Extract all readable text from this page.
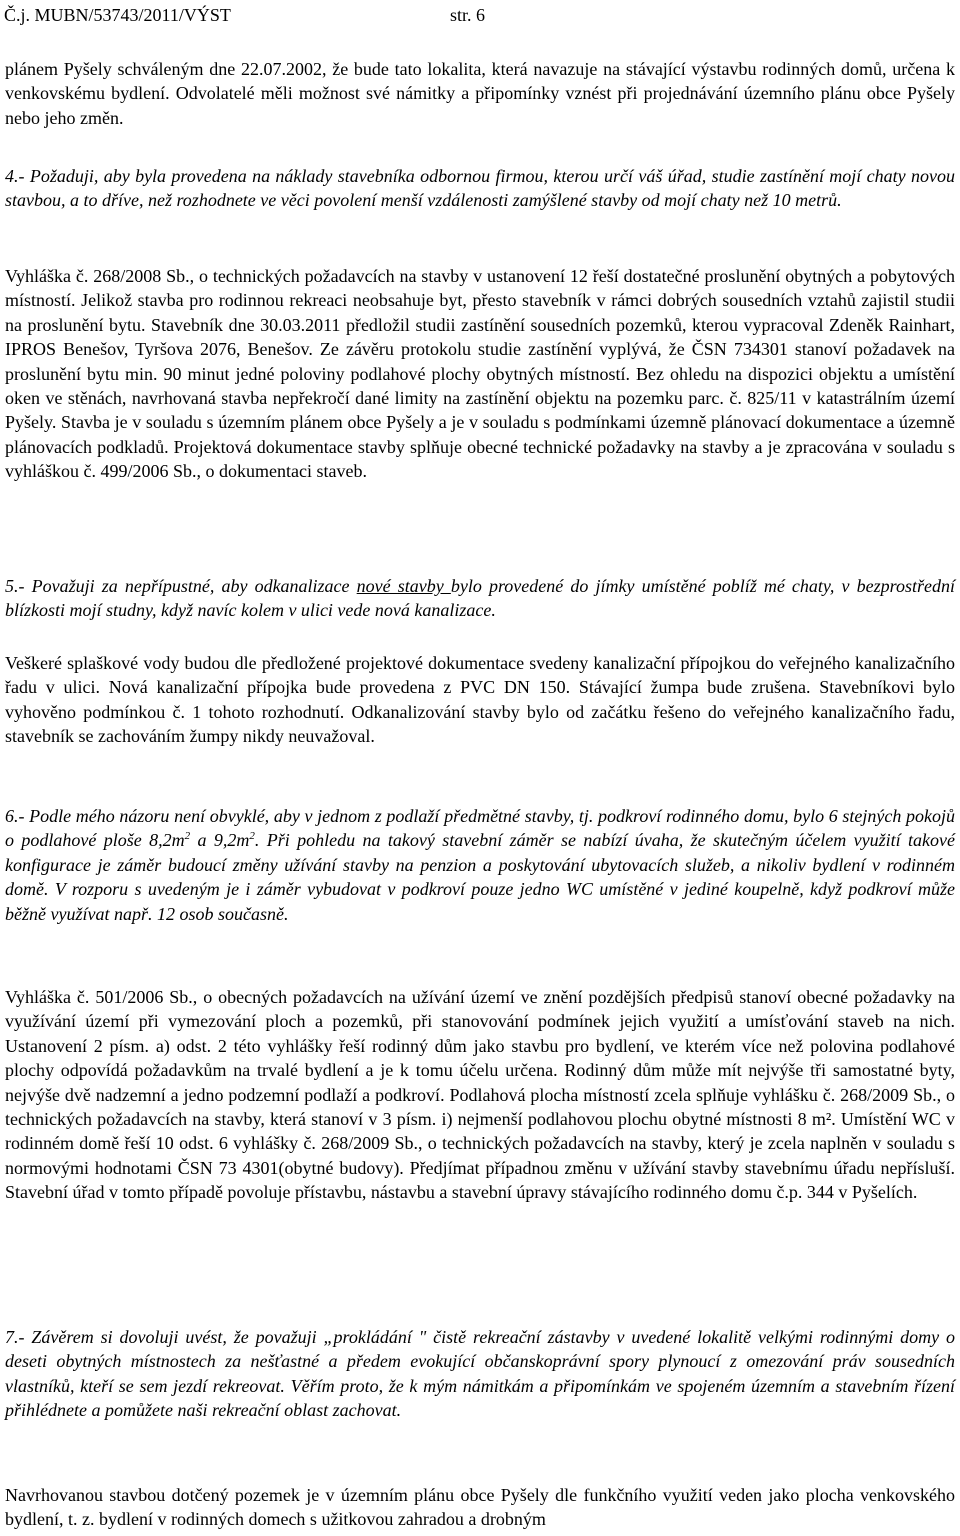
Č.j. MUBN/53743/2011/VÝST	str. 6

plánem Pyšely schváleným dne 22.07.2002, že bude tato lokalita, která navazuje na stávající výstavbu rodinných domů, určena k venkovskému bydlení. Odvolatelé měli možnost své námitky a připomínky vznést při projednávání územního plánu obce Pyšely nebo jeho změn.

4.- Požaduji, aby byla provedena na náklady stavebníka odbornou firmou, kterou určí váš úřad, studie zastínění mojí chaty novou stavbou, a to dříve, než rozhodnete ve věci povolení menší vzdálenosti zamýšlené stavby od mojí chaty než 10 metrů.

Vyhláška č. 268/2008 Sb., o technických požadavcích na stavby v ustanovení 12 řeší dostatečné proslunění obytných a pobytových místností. Jelikož stavba pro rodinnou rekreaci neobsahuje byt, přesto stavebník v rámci dobrých sousedních vztahů zajistil studii na proslunění bytu. Stavebník dne 30.03.2011 předložil studii zastínění sousedních pozemků, kterou vypracoval Zdeněk Rainhart, IPROS Benešov, Tyršova 2076, Benešov. Ze závěru protokolu studie zastínění vyplývá, že ČSN 734301 stanoví požadavek na proslunění bytu min. 90 minut jedné poloviny podlahové plochy obytných místností. Bez ohledu na dispozici objektu a umístění oken ve stěnách, navrhovaná stavba nepřekročí dané limity na zastínění objektu na pozemku parc. č. 825/11 v katastrálním území Pyšely. Stavba je v souladu s územním plánem obce Pyšely a je v souladu s podmínkami územně plánovací dokumentace a územně plánovacích podkladů. Projektová dokumentace stavby splňuje obecné technické požadavky na stavby a je zpracována v souladu s vyhláškou č. 499/2006 Sb., o dokumentaci staveb.

5.- Považuji za nepřípustné, aby odkanalizace nové stavby bylo provedené do jímky umístěné poblíž mé chaty, v bezprostřední blízkosti mojí studny, když navíc kolem v ulici vede nová kanalizace.

Veškeré splaškové vody budou dle předložené projektové dokumentace svedeny kanalizační přípojkou do veřejného kanalizačního řadu v ulici. Nová kanalizační přípojka bude provedena z PVC DN 150. Stávající žumpa bude zrušena. Stavebníkovi bylo vyhověno podmínkou č. 1 tohoto rozhodnutí. Odkanalizování stavby bylo od začátku řešeno do veřejného kanalizačního řadu, stavebník se zachováním žumpy nikdy neuvažoval.

6.- Podle mého názoru není obvyklé, aby v jednom z podlaží předmětné stavby, tj. podkroví rodinného domu, bylo 6 stejných pokojů o podlahové ploše $8,2m^2$ a $9,2m^2$. Při pohledu na takový stavební záměr se nabízí úvaha, že skutečným účelem využití takové konfigurace je záměr budoucí změny užívání stavby na penzion a poskytování ubytovacích služeb, a nikoliv bydlení v rodinném domě. V rozporu s uvedeným je i záměr vybudovat v podkroví pouze jedno WC umístěné v jediné koupelně, když podkroví může běžně využívat např. 12 osob současně.

Vyhláška č. 501/2006 Sb., o obecných požadavcích na užívání území ve znění pozdějších předpisů stanoví obecné požadavky na využívání území při vymezování ploch a pozemků, při stanovování podmínek jejich využití a umísťování staveb na nich. Ustanovení 2 písm. a) odst. 2 této vyhlášky řeší rodinný dům jako stavbu pro bydlení, ve kterém více než polovina podlahové plochy odpovídá požadavkům na trvalé bydlení a je k tomu účelu určena. Rodinný dům může mít nejvýše tři samostatné byty, nejvýše dvě nadzemní a jedno podzemní podlaží a podkroví. Podlahová plocha místností zcela splňuje vyhlášku č. 268/2009 Sb., o technických požadavcích na stavby, která stanoví v 3 písm. i) nejmenší podlahovou plochu obytné místnosti 8 m². Umístění WC v rodinném domě řeší 10 odst. 6 vyhlášky č. 268/2009 Sb., o technických požadavcích na stavby, který je zcela naplněn v souladu s normovými hodnotami ČSN 73 4301(obytné budovy). Předjímat případnou změnu v užívání stavby stavebnímu úřadu nepřísluší. Stavební úřad v tomto případě povoluje přístavbu, nástavbu a stavební úpravy stávajícího rodinného domu č.p. 344 v Pyšelích.

7.- Závěrem si dovoluji uvést, že považuji „prokládání " čistě rekreační zástavby v uvedené lokalitě velkými rodinnými domy o deseti obytných místnostech za nešťastné a předem evokující občanskoprávní spory plynoucí z omezování práv sousedních vlastníků, kteří se sem jezdí rekreovat. Věřím proto, že k mým námitkám a připomínkám ve spojeném územním a stavebním řízení přihlédnete a pomůžete naši rekreační oblast zachovat.

Navrhovanou stavbou dotčený pozemek je v územním plánu obce Pyšely dle funkčního využití veden jako plocha venkovského bydlení, t. z. bydlení v rodinných domech s užitkovou zahradou a drobným
